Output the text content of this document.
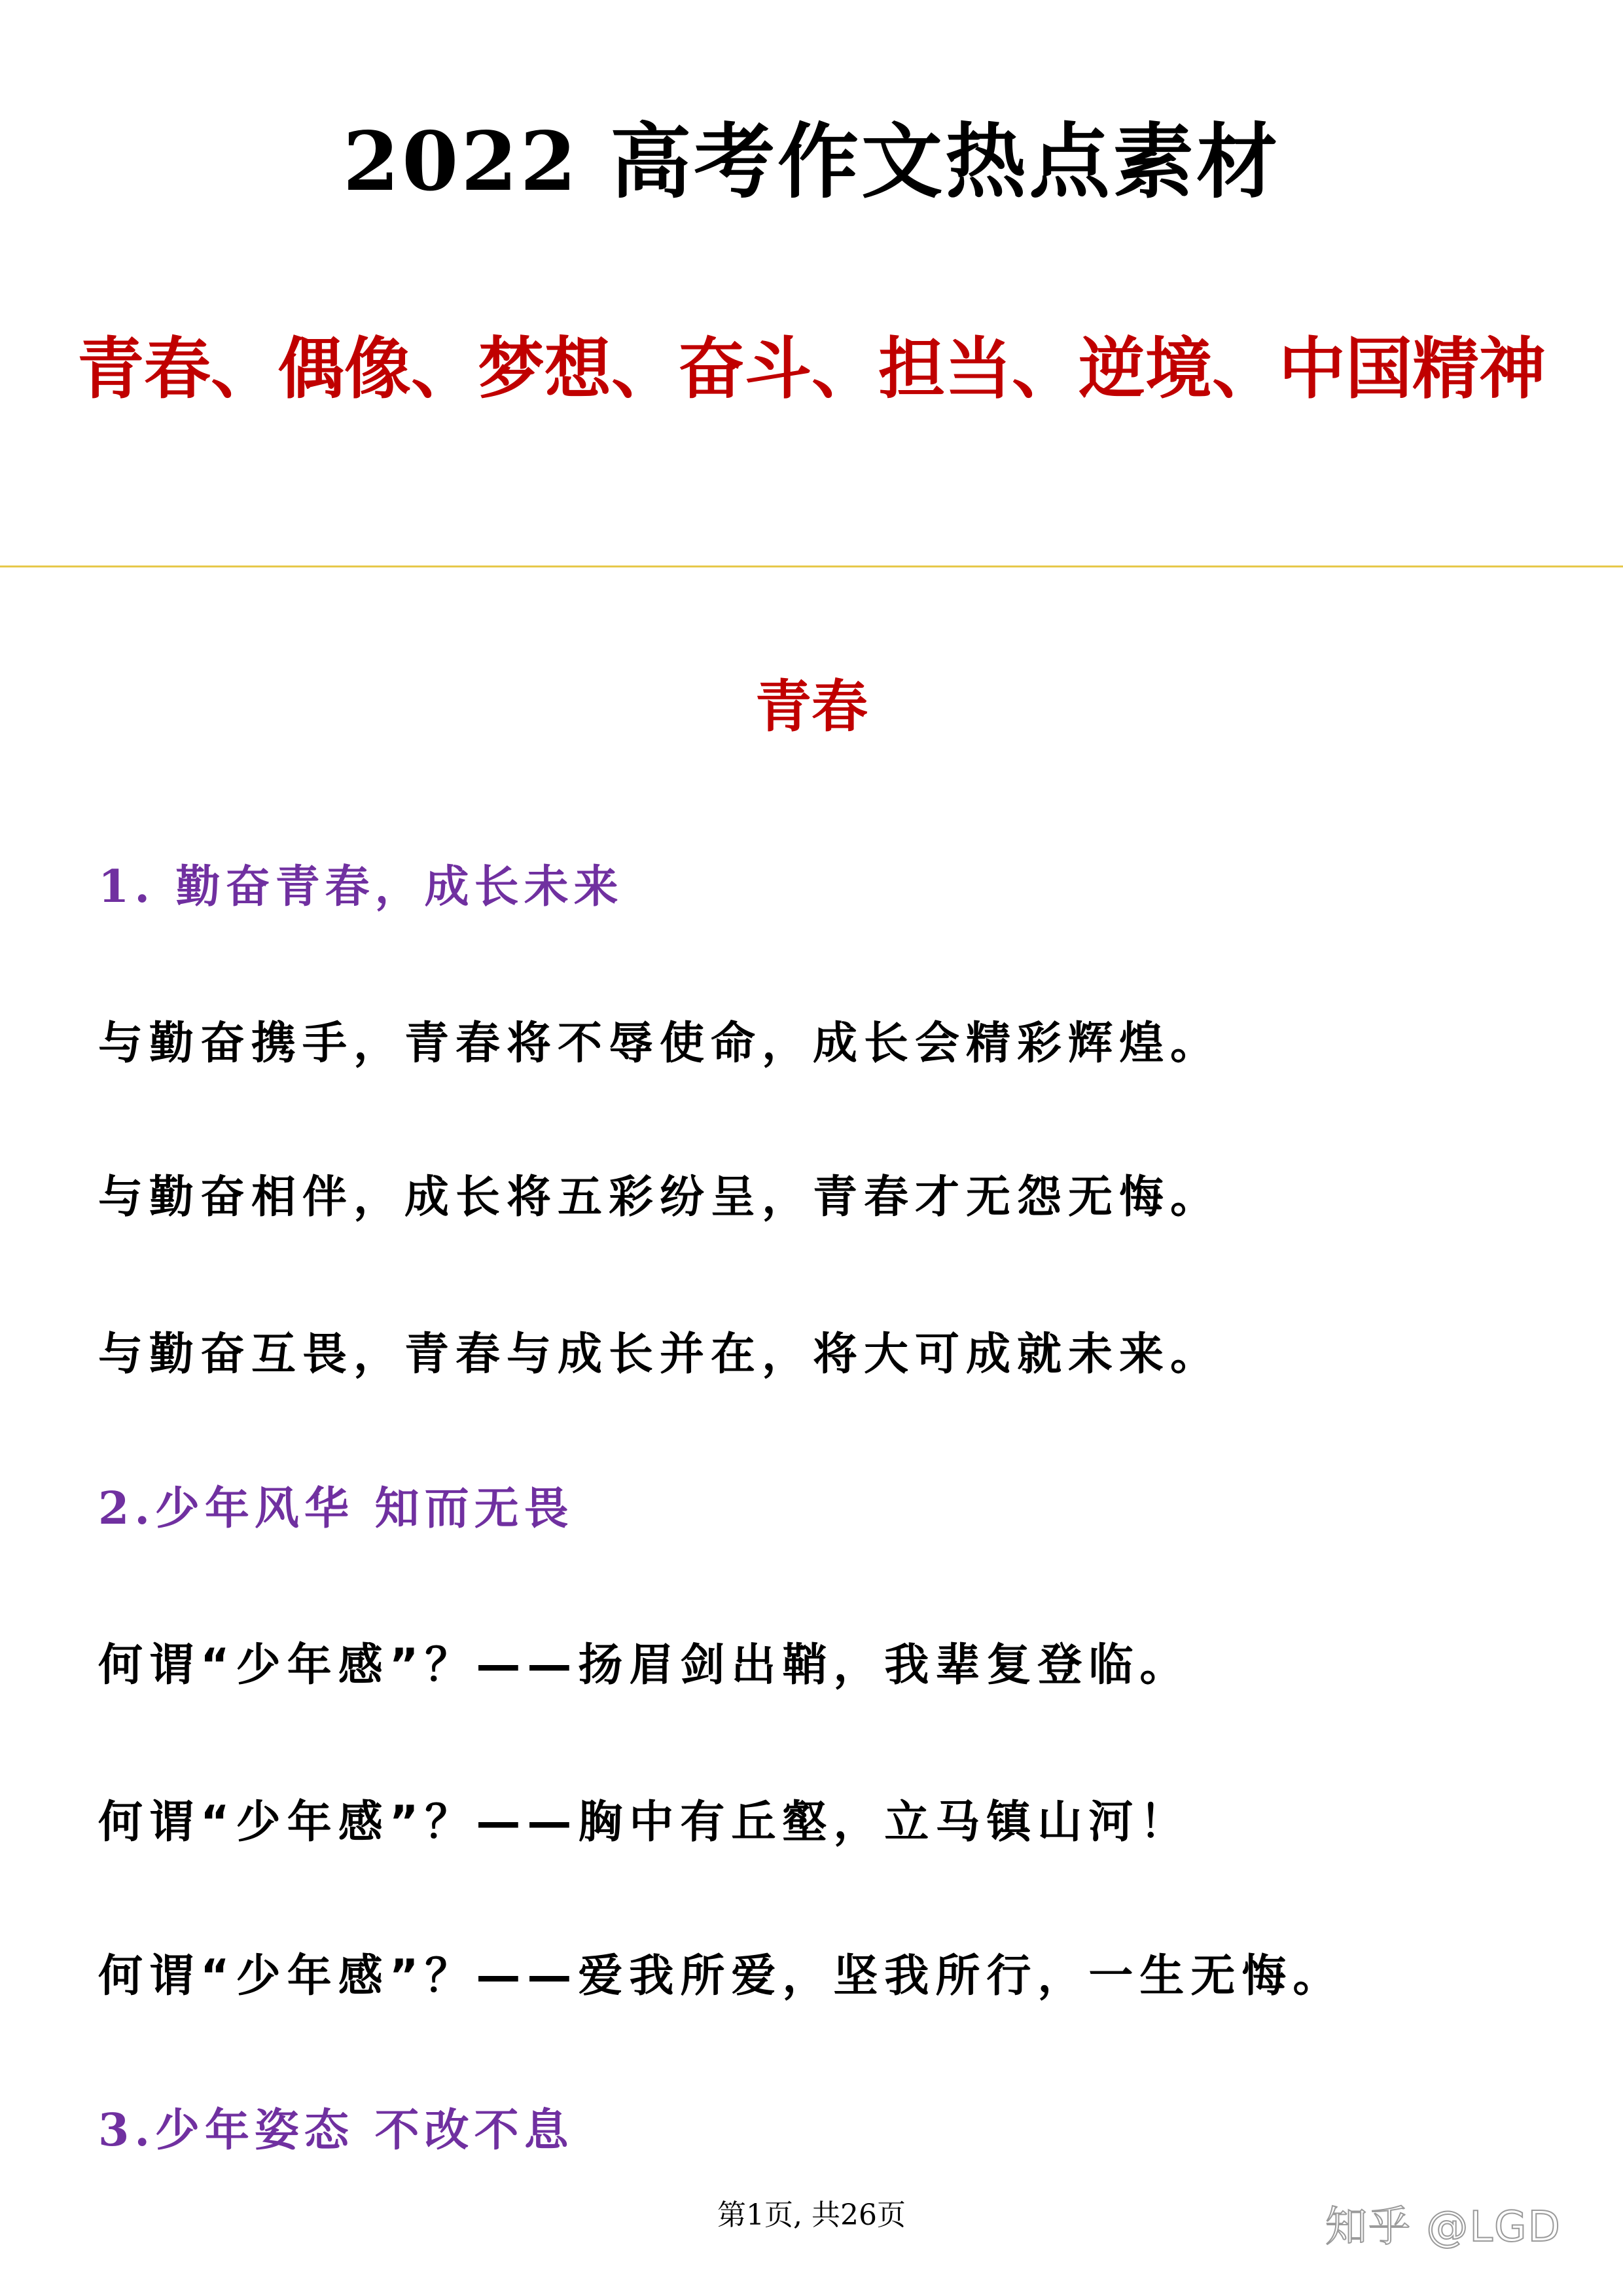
2022 高考作文热点素材
青春、偶像、梦想、奋斗、担当、逆境、中国精神
青春
1. 勤奋青春，成长未来
与勤奋携手，青春将不辱使命，成长会精彩辉煌。
与勤奋相伴，成长将五彩纷呈，青春才无怨无悔。
与勤奋互畏，青春与成长并在，将大可成就未来。
2.少年风华 知而无畏
何谓“少年感”？——扬眉剑出鞘，我辈复登临。
何谓“少年感”？——胸中有丘壑，立马镇山河！
何谓“少年感”？——爱我所爱，坚我所行，一生无悔。
3.少年姿态 不改不息
第1页, 共26页	知乎 @LGD
